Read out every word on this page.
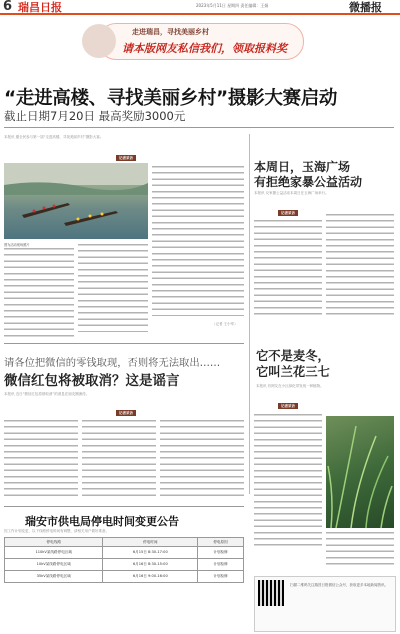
6 瑞昌日报	2023年5月11日 星期四 责任编辑：王娟	微播报
走进瑞昌，寻找美丽乡村
请本版网友私信我们，领取报料奖
“走进高楼、寻找美丽乡村”摄影大赛启动
截止日期7月20日 最高奖励3000元
本报讯 邀全民参与第一届“走进高楼、寻找美丽乡村”摄影大赛。
记者采访
图为活动现场照片
（记者 王小军）
本周日，玉海广场
有拒绝家暴公益活动
本报讯 反家暴公益活动本周日在玉海广场举行。
记者采访
请各位把微信的零钱取现，否则将无法取出……
微信红包将被取消？这是谣言
本报讯 近日“微信红包将被取消”的消息在朋友圈流传。
记者采访
它不是麦冬，
它叫兰花三七
本报讯 有网友在小区绿化带发现一种植物。
记者采访
瑞安市供电局停电时间变更公告
因工作计划变更，以下线路停电时间有调整，请相关用户做好准备。
停电线路	停电时间	停电原因
110kV某线路停电区域	6月15日 8:30-17:00	计划检修
10kV某线路停电区域	6月16日 8:30-15:00	计划检修
35kV某线路停电区域	6月16日 9:00-16:00	计划检修
扫描二维码关注瑞昌日报微信公众号，获取更多本地新闻资讯。
